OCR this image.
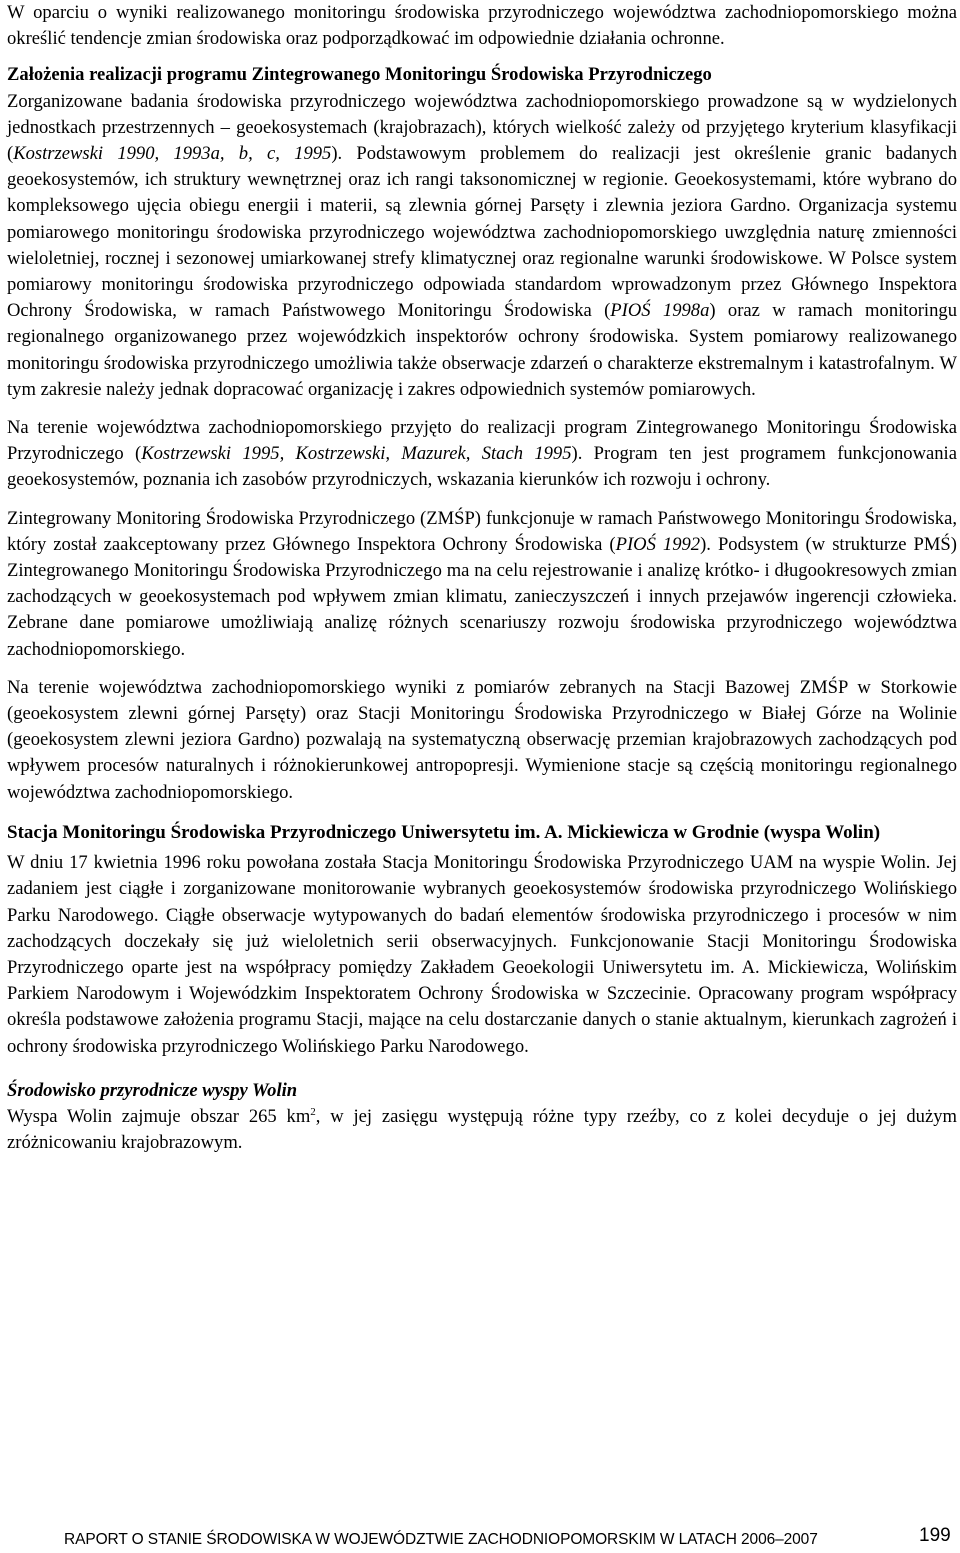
W oparciu o wyniki realizowanego monitoringu środowiska przyrodniczego województwa zachodniopomorskiego można określić tendencje zmian środowiska oraz podporządkować im odpowiednie działania ochronne.

Założenia realizacji programu Zintegrowanego Monitoringu Środowiska Przyrodniczego

Zorganizowane badania środowiska przyrodniczego województwa zachodniopomorskiego prowadzone są w wydzielonych jednostkach przestrzennych – geoekosystemach (krajobrazach), których wielkość zależy od przyjętego kryterium klasyfikacji (Kostrzewski 1990, 1993a, b, c, 1995). Podstawowym problemem do realizacji jest określenie granic badanych geoekosystemów, ich struktury wewnętrznej oraz ich rangi taksonomicznej w regionie. Geoekosystemami, które wybrano do kompleksowego ujęcia obiegu energii i materii, są zlewnia górnej Parsęty i zlewnia jeziora Gardno. Organizacja systemu pomiarowego monitoringu środowiska przyrodniczego województwa zachodniopomorskiego uwzględnia naturę zmienności wieloletniej, rocznej i sezonowej umiarkowanej strefy klimatycznej oraz regionalne warunki środowiskowe. W Polsce system pomiarowy monitoringu środowiska przyrodniczego odpowiada standardom wprowadzonym przez Głównego Inspektora Ochrony Środowiska, w ramach Państwowego Monitoringu Środowiska (PIOŚ 1998a) oraz w ramach monitoringu regionalnego organizowanego przez wojewódzkich inspektorów ochrony środowiska. System pomiarowy realizowanego monitoringu środowiska przyrodniczego umożliwia także obserwacje zdarzeń o charakterze ekstremalnym i katastrofalnym. W tym zakresie należy jednak dopracować organizację i zakres odpowiednich systemów pomiarowych.

Na terenie województwa zachodniopomorskiego przyjęto do realizacji program Zintegrowanego Monitoringu Środowiska Przyrodniczego (Kostrzewski 1995, Kostrzewski, Mazurek, Stach 1995). Program ten jest programem funkcjonowania geoekosystemów, poznania ich zasobów przyrodniczych, wskazania kierunków ich rozwoju i ochrony.

Zintegrowany Monitoring Środowiska Przyrodniczego (ZMŚP) funkcjonuje w ramach Państwowego Monitoringu Środowiska, który został zaakceptowany przez Głównego Inspektora Ochrony Środowiska (PIOŚ 1992). Podsystem (w strukturze PMŚ) Zintegrowanego Monitoringu Środowiska Przyrodniczego ma na celu rejestrowanie i analizę krótko- i długookresowych zmian zachodzących w geoekosystemach pod wpływem zmian klimatu, zanieczyszczeń i innych przejawów ingerencji człowieka. Zebrane dane pomiarowe umożliwiają analizę różnych scenariuszy rozwoju środowiska przyrodniczego województwa zachodniopomorskiego.

Na terenie województwa zachodniopomorskiego wyniki z pomiarów zebranych na Stacji Bazowej ZMŚP w Storkowie (geoekosystem zlewni górnej Parsęty) oraz Stacji Monitoringu Środowiska Przyrodniczego w Białej Górze na Wolinie (geoekosystem zlewni jeziora Gardno) pozwalają na systematyczną obserwację przemian krajobrazowych zachodzących pod wpływem procesów naturalnych i różnokierunkowej antropopresji. Wymienione stacje są częścią monitoringu regionalnego województwa zachodniopomorskiego.

Stacja Monitoringu Środowiska Przyrodniczego Uniwersytetu im. A. Mickiewicza w Grodnie (wyspa Wolin)

W dniu 17 kwietnia 1996 roku powołana została Stacja Monitoringu Środowiska Przyrodniczego UAM na wyspie Wolin. Jej zadaniem jest ciągłe i zorganizowane monitorowanie wybranych geoekosystemów środowiska przyrodniczego Wolińskiego Parku Narodowego. Ciągłe obserwacje wytypowanych do badań elementów środowiska przyrodniczego i procesów w nim zachodzących doczekały się już wieloletnich serii obserwacyjnych. Funkcjonowanie Stacji Monitoringu Środowiska Przyrodniczego oparte jest na współpracy pomiędzy Zakładem Geoekologii Uniwersytetu im. A. Mickiewicza, Wolińskim Parkiem Narodowym i Wojewódzkim Inspektoratem Ochrony Środowiska w Szczecinie. Opracowany program współpracy określa podstawowe założenia programu Stacji, mające na celu dostarczanie danych o stanie aktualnym, kierunkach zagrożeń i ochrony środowiska przyrodniczego Wolińskiego Parku Narodowego.

Środowisko przyrodnicze wyspy Wolin

Wyspa Wolin zajmuje obszar 265 $km^2$, w jej zasięgu występują różne typy rzeźby, co z kolei decyduje o jej dużym zróżnicowaniu krajobrazowym.

RAPORT O STANIE ŚRODOWISKA W WOJEWÓDZTWIE ZACHODNIOPOMORSKIM W LATACH 2006–2007	199
